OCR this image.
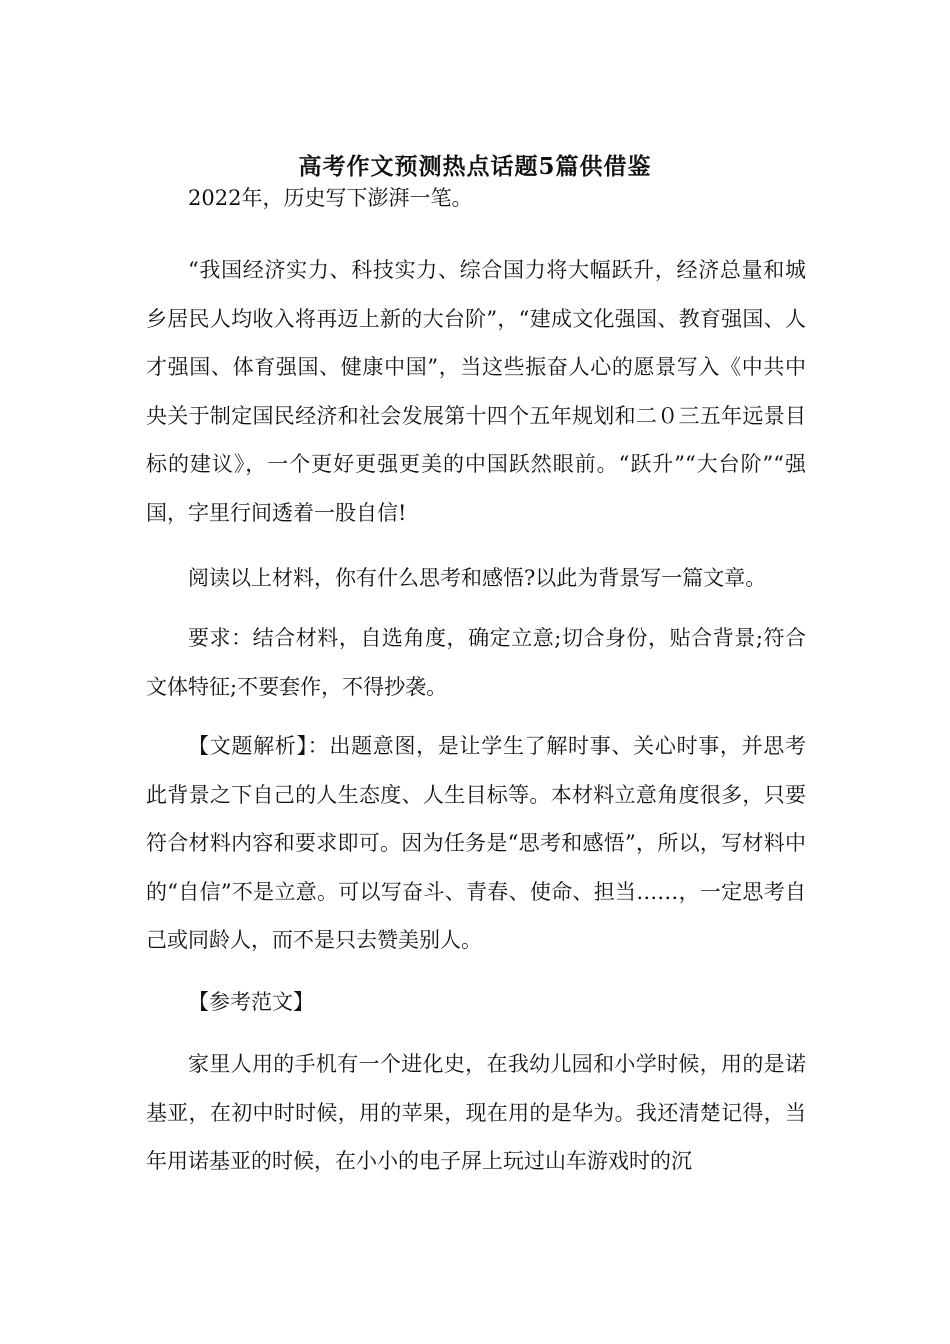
高考作文预测热点话题5篇供借鉴

2022年，历史写下澎湃一笔。

“我国经济实力、科技实力、综合国力将大幅跃升，经济总量和城乡居民人均收入将再迈上新的大台阶”，“建成文化强国、教育强国、人才强国、体育强国、健康中国”，当这些振奋人心的愿景写入《中共中央关于制定国民经济和社会发展第十四个五年规划和二０三五年远景目标的建议》，一个更好更强更美的中国跃然眼前。“跃升”“大台阶”“强国，字里行间透着一股自信!

阅读以上材料，你有什么思考和感悟?以此为背景写一篇文章。

要求：结合材料，自选角度，确定立意;切合身份，贴合背景;符合文体特征;不要套作，不得抄袭。

【文题解析】：出题意图，是让学生了解时事、关心时事，并思考此背景之下自己的人生态度、人生目标等。本材料立意角度很多，只要符合材料内容和要求即可。因为任务是“思考和感悟”，所以，写材料中的“自信”不是立意。可以写奋斗、青春、使命、担当……，一定思考自己或同龄人，而不是只去赞美别人。

【参考范文】

家里人用的手机有一个进化史，在我幼儿园和小学时候，用的是诺基亚，在初中时时候，用的苹果，现在用的是华为。我还清楚记得，当年用诺基亚的时候，在小小的电子屏上玩过山车游戏时的沉
